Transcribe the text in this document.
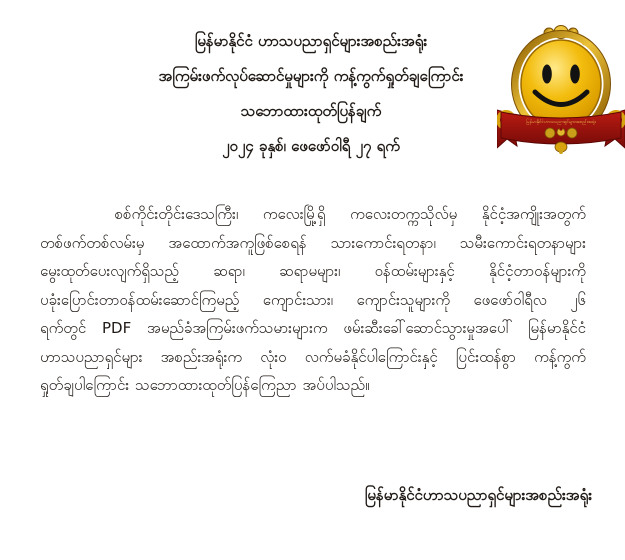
မြန်မာနိုင်ငံ ဟာသပညာရှင်များအစည်းအရုံး
အကြမ်းဖက်လုပ်ဆောင်မှုများကို ကန့်ကွက်ရှုတ်ချကြောင်း
သဘောထားထုတ်ပြန်ချက်
၂၀၂၄ ခုနှစ်၊ ဖေဖော်ဝါရီ ၂၇ ရက်
မြန်မာနိုင်ငံဟာသပညာရှင်များအစည်းအရုံး
စစ်ကိုင်းတိုင်းဒေသကြီး၊ ကလေးမြို့ရှိ ကလေးတက္ကသိုလ်မှ နိုင်ငံ့အကျိုးအတွက်
တစ်ဖက်တစ်လမ်းမှ အထောက်အကူဖြစ်စေရန် သားကောင်းရတနာ၊ သမီးကောင်းရတနာများ
မွေးထုတ်ပေးလျက်ရှိသည့် ဆရာ၊ ဆရာမများ၊ ဝန်ထမ်းများနှင့် နိုင်ငံ့တာဝန်များကို
ပခုံးပြောင်းတာဝန်ထမ်းဆောင်ကြမည့် ကျောင်းသား၊ ကျောင်းသူများကို ဖေဖော်ဝါရီလ ၂၆
ရက်တွင် PDF အမည်ခံအကြမ်းဖက်သမားများက ဖမ်းဆီးခေါ်ဆောင်သွားမှုအပေါ် မြန်မာနိုင်ငံ
ဟာသပညာရှင်များ အစည်းအရုံးက လုံးဝ လက်မခံနိုင်ပါကြောင်းနှင့် ပြင်းထန်စွာ ကန့်ကွက်
ရှုတ်ချပါကြောင်း သဘောထားထုတ်ပြန်ကြေညာ အပ်ပါသည်။
မြန်မာနိုင်ငံဟာသပညာရှင်များအစည်းအရုံး
